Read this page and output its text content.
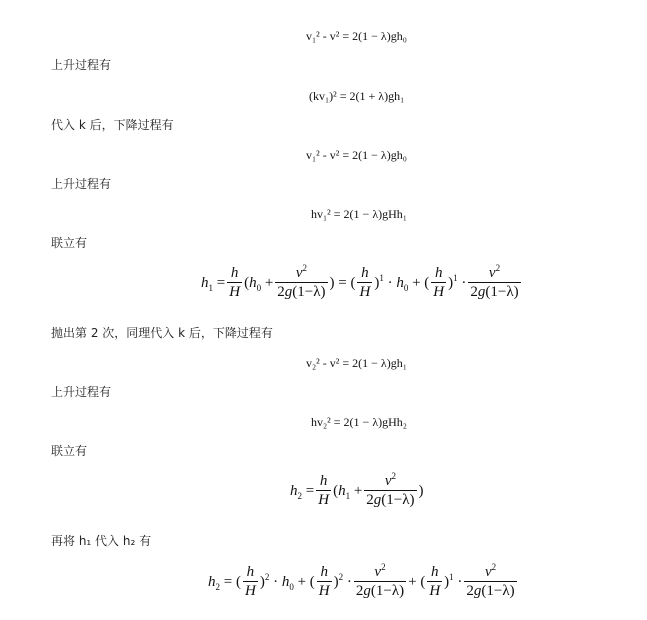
v₁² - v² = 2(1 − λ)gh₀
上升过程有
(kv₁)² = 2(1 + λ)gh₁
代入 k 后，下降过程有
v₁² - v² = 2(1 − λ)gh₀
上升过程有
hv₁² = 2(1 − λ)gHh₁
联立有
$h_1 = \frac{h}{H} (h_0 + \frac{v^2}{2g(1-\lambda)}$ ) = ( $\frac{h}{H} )^1 \cdot h_0$ + ( $\frac{h}{H} )^1 \cdot \frac{v^2}{2g(1-\lambda)}$
抛出第 2 次，同理代入 k 后，下降过程有
v₂² - v² = 2(1 − λ)gh₁
上升过程有
hv₂² = 2(1 − λ)gHh₂
联立有
$h_2 = \frac{h}{H} (h_1 + \frac{v^2}{2g(1-\lambda)}$ )
再将 h₁ 代入 h₂ 有
$h_2$ = ( $\frac{h}{H} )^2 \cdot h_0$ + ( $\frac{h}{H} )^2 \cdot \frac{v^2}{2g(1-\lambda)}$ + ( $\frac{h}{H} )^1 \cdot \frac{v^2}{2g(1-\lambda)}$
